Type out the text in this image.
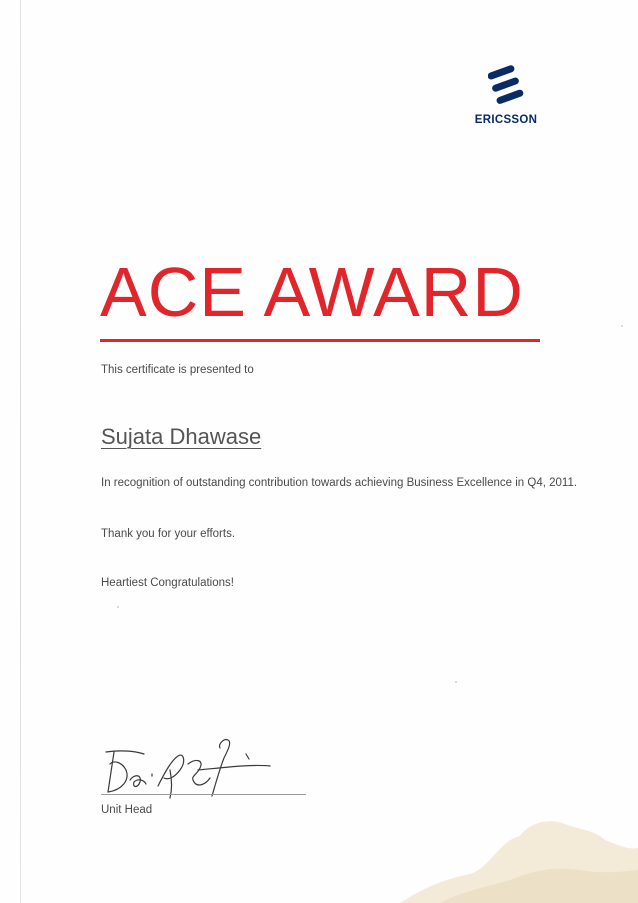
ERICSSON
ACE AWARD
This certificate is presented to
Sujata Dhawase
In recognition of outstanding contribution towards achieving Business Excellence in Q4, 2011.
Thank you for your efforts.
Heartiest Congratulations!
Unit Head
